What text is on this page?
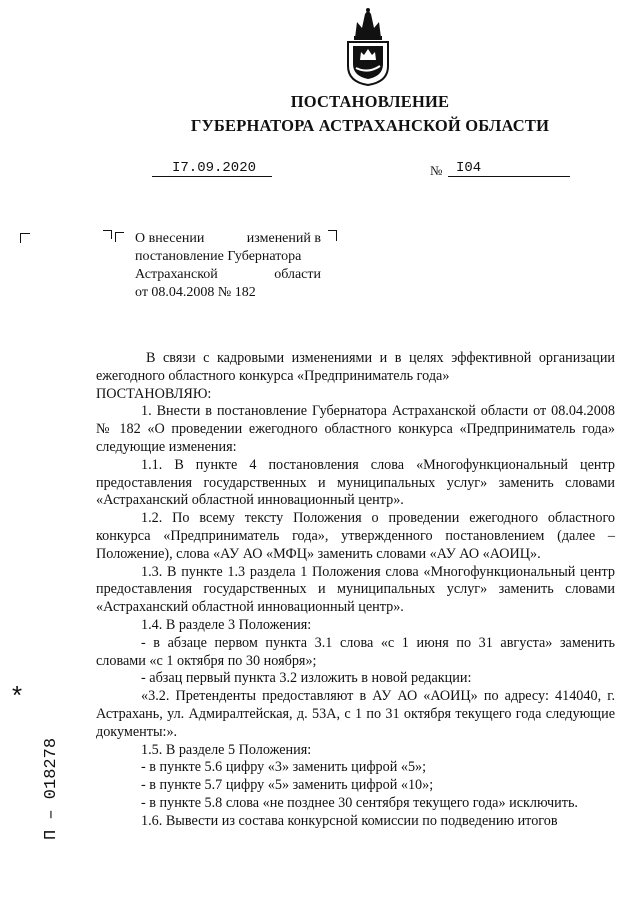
ПОСТАНОВЛЕНИЕ
ГУБЕРНАТОРА АСТРАХАНСКОЙ ОБЛАСТИ
I7.09.2020	№ I04
О внесении	изменений в
постановление Губернатора
Астраханской	области
от 08.04.2008 № 182

В связи с кадровыми изменениями и в целях эффективной организации ежегодного областного конкурса «Предприниматель года»

ПОСТАНОВЛЯЮ:

1. Внести в постановление Губернатора Астраханской области от 08.04.2008 № 182 «О проведении ежегодного областного конкурса «Предприниматель года» следующие изменения:

1.1. В пункте 4 постановления слова «Многофункциональный центр предоставления государственных и муниципальных услуг» заменить словами «Астраханский областной инновационный центр».

1.2. По всему тексту Положения о проведении ежегодного областного конкурса «Предприниматель года», утвержденного постановлением (далее – Положение), слова «АУ АО «МФЦ» заменить словами «АУ АО «АОИЦ».

1.3. В пункте 1.3 раздела 1 Положения слова «Многофункциональный центр предоставления государственных и муниципальных услуг» заменить словами «Астраханский областной инновационный центр».

1.4. В разделе 3 Положения:

- в абзаце первом пункта 3.1 слова «с 1 июня по 31 августа» заменить словами «с 1 октября по 30 ноября»;

- абзац первый пункта 3.2 изложить в новой редакции:

«3.2. Претенденты предоставляют в АУ АО «АОИЦ» по адресу: 414040, г. Астрахань, ул. Адмиралтейская, д. 53А, с 1 по 31 октября текущего года следующие документы:».

1.5. В разделе 5 Положения:

- в пункте 5.6 цифру «3» заменить цифрой «5»;

- в пункте 5.7 цифру «5» заменить цифрой «10»;

- в пункте 5.8 слова «не позднее 30 сентября текущего года» исключить.

1.6. Вывести из состава конкурсной комиссии по подведению итогов

*
П – 018278
